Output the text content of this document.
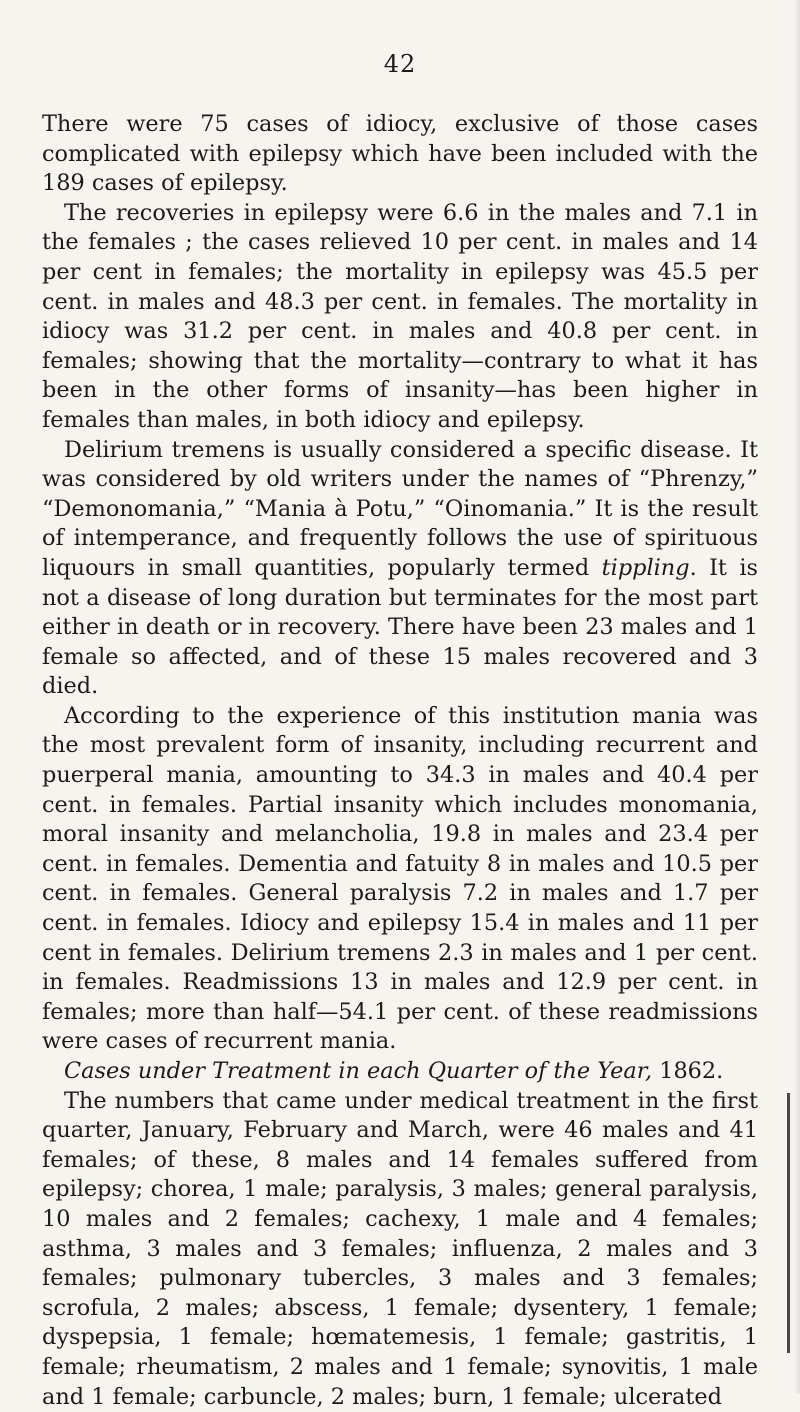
42

There were 75 cases of idiocy, exclusive of those cases complicated with epilepsy which have been included with the 189 cases of epilepsy.

The recoveries in epilepsy were 6.6 in the males and 7.1 in the females ; the cases relieved 10 per cent. in males and 14 per cent in females; the mortality in epilepsy was 45.5 per cent. in males and 48.3 per cent. in females. The mortality in idiocy was 31.2 per cent. in males and 40.8 per cent. in females; showing that the mortality—contrary to what it has been in the other forms of insanity—has been higher in females than males, in both idiocy and epilepsy.

Delirium tremens is usually considered a specific disease. It was considered by old writers under the names of “Phrenzy,” “Demonomania,” “Mania à Potu,” “Oinomania.” It is the result of intemperance, and frequently follows the use of spirituous liquours in small quantities, popularly termed tippling. It is not a disease of long duration but terminates for the most part either in death or in recovery. There have been 23 males and 1 female so affected, and of these 15 males recovered and 3 died.

According to the experience of this institution mania was the most prevalent form of insanity, including recurrent and puerperal mania, amounting to 34.3 in males and 40.4 per cent. in females. Partial insanity which includes monomania, moral insanity and melancholia, 19.8 in males and 23.4 per cent. in females. Dementia and fatuity 8 in males and 10.5 per cent. in females. General paralysis 7.2 in males and 1.7 per cent. in females. Idiocy and epilepsy 15.4 in males and 11 per cent in females. Delirium tremens 2.3 in males and 1 per cent. in females. Readmissions 13 in males and 12.9 per cent. in females; more than half—54.1 per cent. of these readmissions were cases of recurrent mania.

Cases under Treatment in each Quarter of the Year, 1862.

The numbers that came under medical treatment in the first quarter, January, February and March, were 46 males and 41 females; of these, 8 males and 14 females suffered from epilepsy; chorea, 1 male; paralysis, 3 males; general paralysis, 10 males and 2 females; cachexy, 1 male and 4 females; asthma, 3 males and 3 females; influenza, 2 males and 3 females; pulmonary tubercles, 3 males and 3 females; scrofula, 2 males; abscess, 1 female; dysentery, 1 female; dyspepsia, 1 female; hœmatemesis, 1 female; gastritis, 1 female; rheumatism, 2 males and 1 female; synovitis, 1 male and 1 female; carbuncle, 2 males; burn, 1 female; ulcerated
